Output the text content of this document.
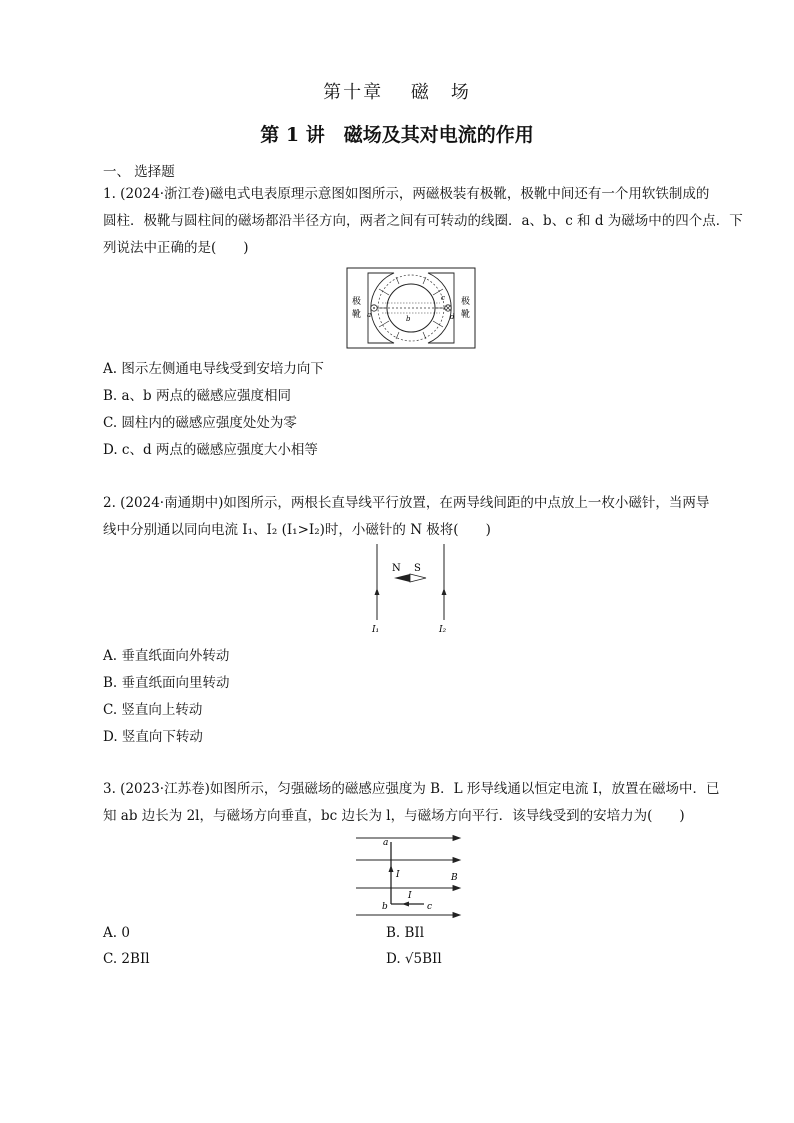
第十章　 磁　场
第 1 讲　磁场及其对电流的作用
一、 选择题
1. (2024·浙江卷)磁电式电表原理示意图如图所示，两磁极装有极靴，极靴中间还有一个用软铁制成的
圆柱．极靴与圆柱间的磁场都沿半径方向，两者之间有可转动的线圈．a、b、c 和 d 为磁场中的四个点．下
列说法中正确的是(　　)
极
靴
极
靴
a	b
c
d
A. 图示左侧通电导线受到安培力向下
B. a、b 两点的磁感应强度相同
C. 圆柱内的磁感应强度处处为零
D. c、d 两点的磁感应强度大小相等
2. (2024·南通期中)如图所示，两根长直导线平行放置，在两导线间距的中点放上一枚小磁针，当两导
线中分别通以同向电流 I₁、I₂ (I₁>I₂)时，小磁针的 N 极将(　　)
N S
I₁	I₂
A. 垂直纸面向外转动
B. 垂直纸面向里转动
C. 竖直向上转动
D. 竖直向下转动
3. (2023·江苏卷)如图所示，匀强磁场的磁感应强度为 B．L 形导线通以恒定电流 I，放置在磁场中．已
知 ab 边长为 2l，与磁场方向垂直，bc 边长为 l，与磁场方向平行．该导线受到的安培力为(　　)
a
b	c
I
I
B
A. 0	B. BIl
C. 2BIl	D. √5BIl
